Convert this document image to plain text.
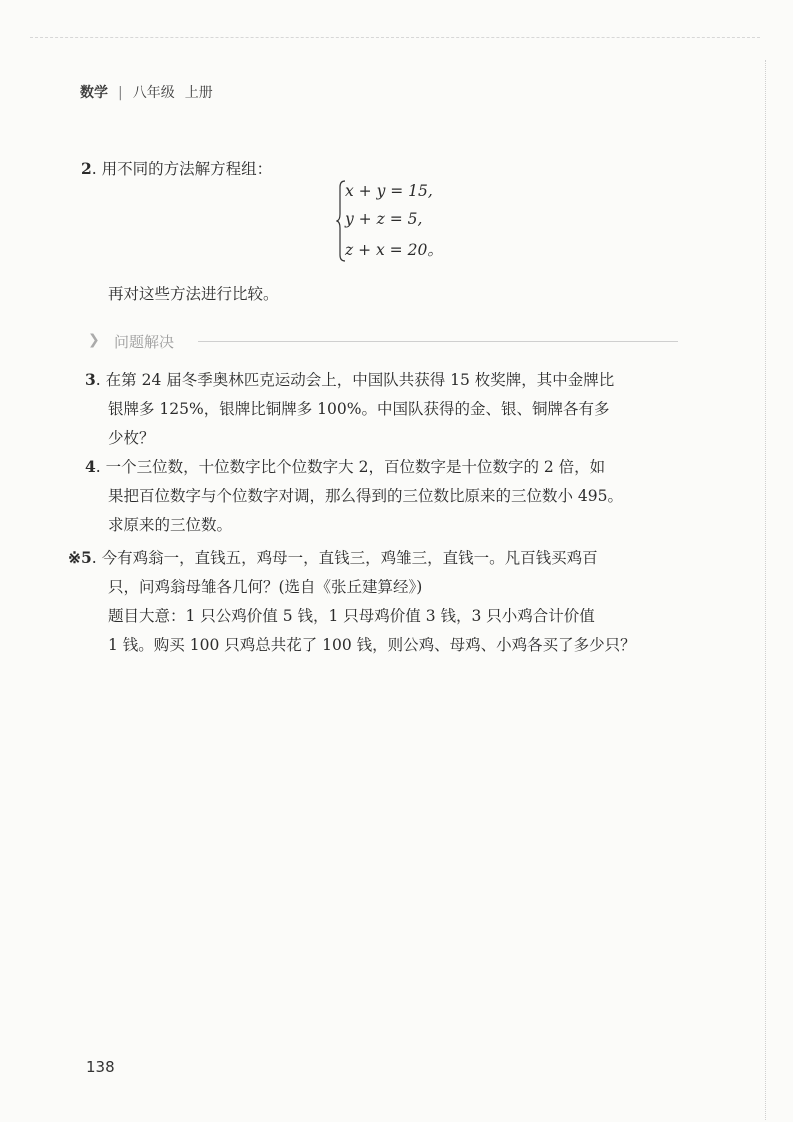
数学 | 八年级 上册
2. 用不同的方法解方程组：
x + y = 15,
y + z = 5,
z + x = 20。
再对这些方法进行比较。
❯ 问题解决
3. 在第 24 届冬季奥林匹克运动会上，中国队共获得 15 枚奖牌，其中金牌比
银牌多 125%，银牌比铜牌多 100%。中国队获得的金、银、铜牌各有多
少枚？
4. 一个三位数，十位数字比个位数字大 2，百位数字是十位数字的 2 倍，如
果把百位数字与个位数字对调，那么得到的三位数比原来的三位数小 495。
求原来的三位数。
※5. 今有鸡翁一，直钱五，鸡母一，直钱三，鸡雏三，直钱一。凡百钱买鸡百
只，问鸡翁母雏各几何？(选自《张丘建算经》)
题目大意：1 只公鸡价值 5 钱，1 只母鸡价值 3 钱，3 只小鸡合计价值
1 钱。购买 100 只鸡总共花了 100 钱，则公鸡、母鸡、小鸡各买了多少只？
138
